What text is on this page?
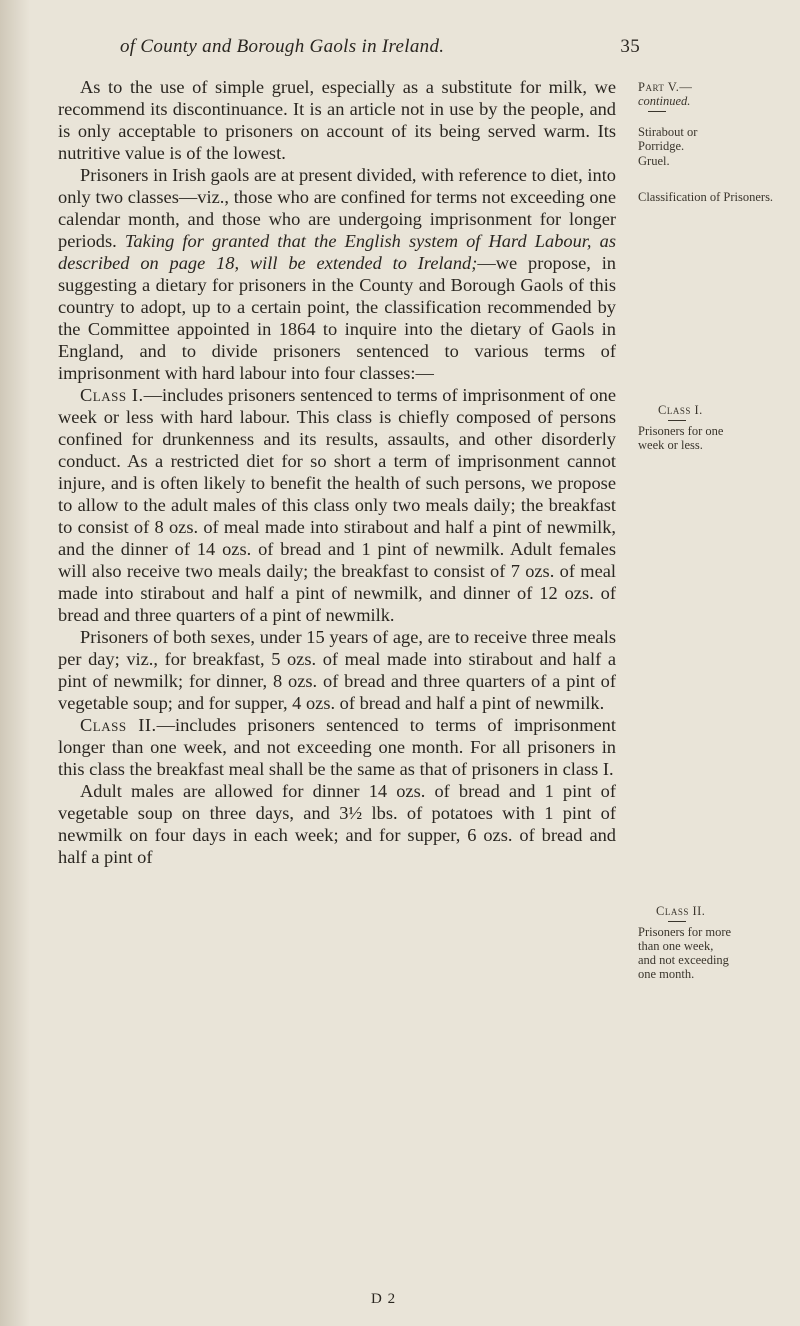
of County and Borough Gaols in Ireland.	35

As to the use of simple gruel, especially as a substitute for milk, we recommend its discontinuance. It is an article not in use by the people, and is only acceptable to prisoners on account of its being served warm. Its nutritive value is of the lowest.

Prisoners in Irish gaols are at present divided, with reference to diet, into only two classes—viz., those who are confined for terms not exceeding one calendar month, and those who are undergoing imprisonment for longer periods. Taking for granted that the English system of Hard Labour, as described on page 18, will be extended to Ireland;—we propose, in suggesting a dietary for prisoners in the County and Borough Gaols of this country to adopt, up to a certain point, the classification recommended by the Committee appointed in 1864 to inquire into the dietary of Gaols in England, and to divide prisoners sentenced to various terms of imprisonment with hard labour into four classes:—

Class I.—includes prisoners sentenced to terms of imprisonment of one week or less with hard labour. This class is chiefly composed of persons confined for drunkenness and its results, assaults, and other disorderly conduct. As a restricted diet for so short a term of imprisonment cannot injure, and is often likely to benefit the health of such persons, we propose to allow to the adult males of this class only two meals daily; the breakfast to consist of 8 ozs. of meal made into stirabout and half a pint of newmilk, and the dinner of 14 ozs. of bread and 1 pint of newmilk. Adult females will also receive two meals daily; the breakfast to consist of 7 ozs. of meal made into stirabout and half a pint of newmilk, and dinner of 12 ozs. of bread and three quarters of a pint of newmilk.

Prisoners of both sexes, under 15 years of age, are to receive three meals per day; viz., for breakfast, 5 ozs. of meal made into stirabout and half a pint of newmilk; for dinner, 8 ozs. of bread and three quarters of a pint of vegetable soup; and for supper, 4 ozs. of bread and half a pint of newmilk.

Class II.—includes prisoners sentenced to terms of imprisonment longer than one week, and not exceeding one month. For all prisoners in this class the breakfast meal shall be the same as that of prisoners in class I.

Adult males are allowed for dinner 14 ozs. of bread and 1 pint of vegetable soup on three days, and 3½ lbs. of potatoes with 1 pint of newmilk on four days in each week; and for supper, 6 ozs. of bread and half a pint of

D 2
Part V.—
continued.
Stirabout or Porridge.
Gruel.
Classification of Prisoners.
Class I.
Prisoners for one week or less.
Class II.
Prisoners for more than one week, and not exceeding one month.
